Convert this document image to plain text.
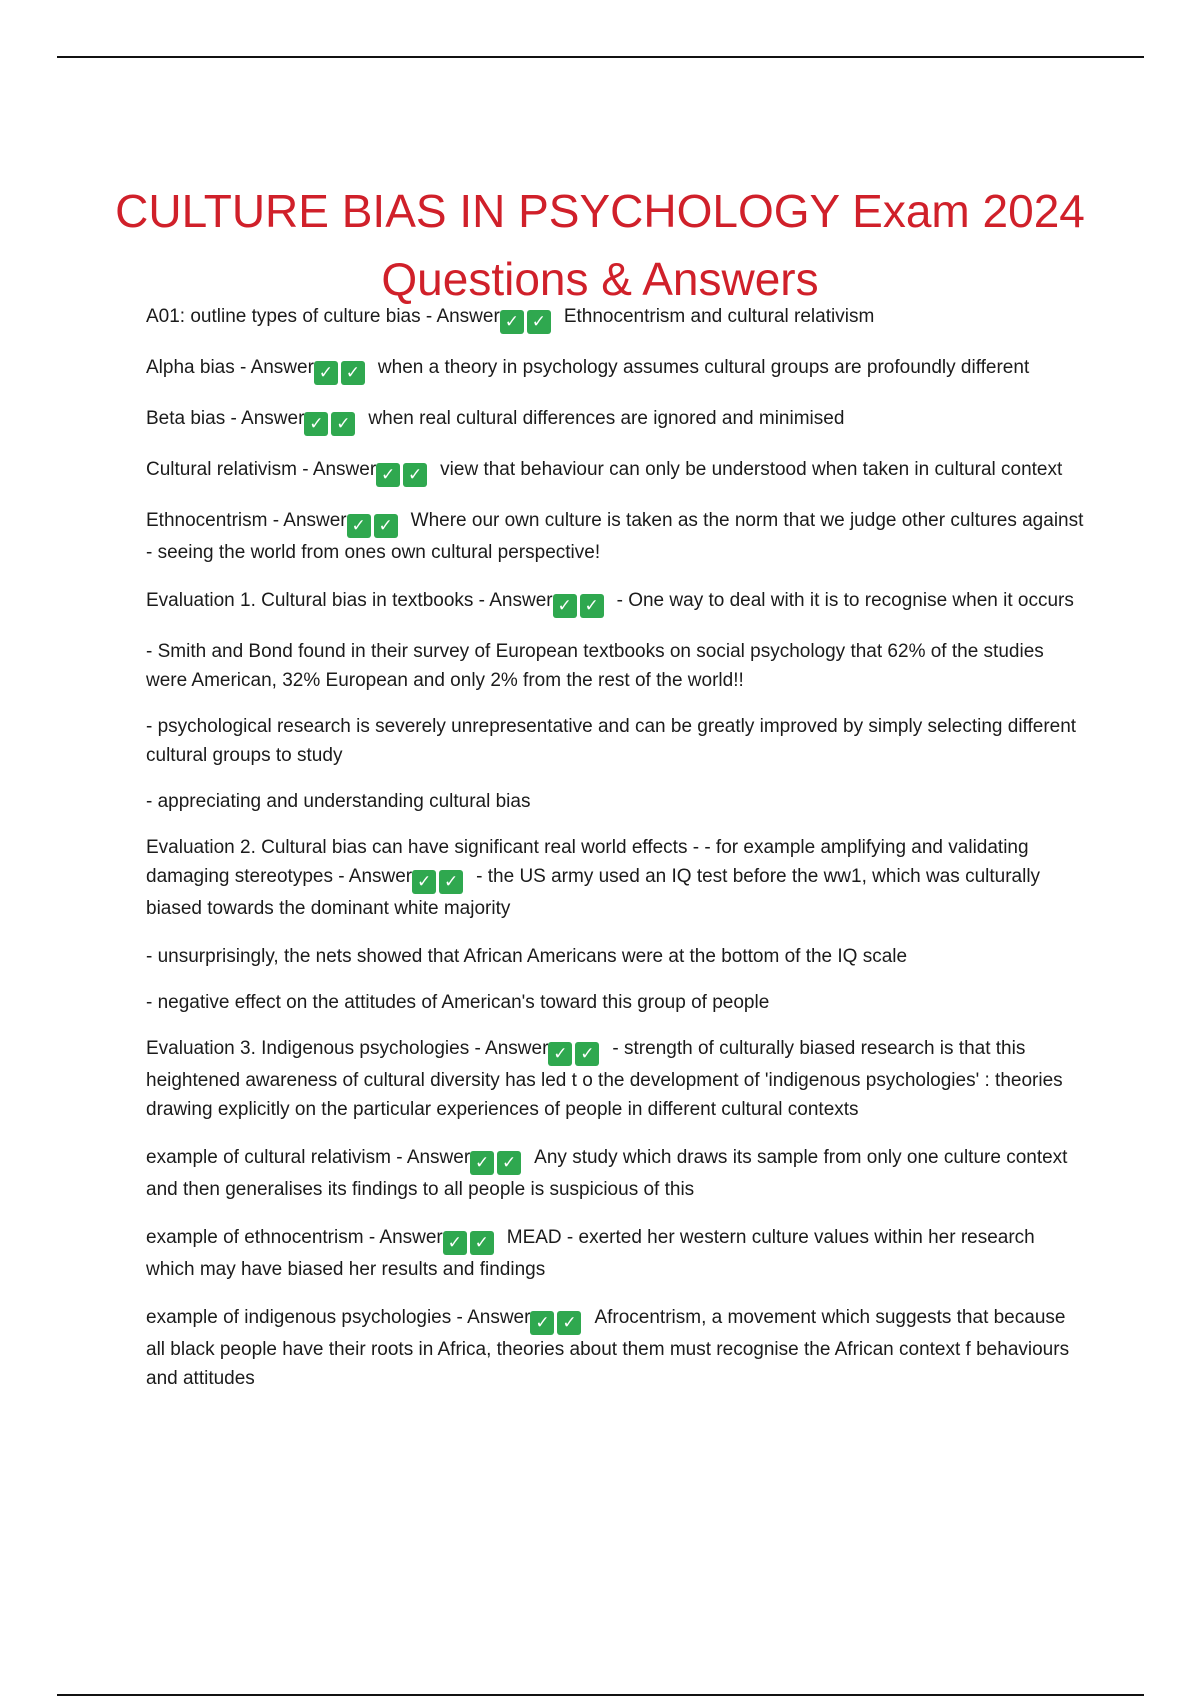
CULTURE BIAS IN PSYCHOLOGY Exam 2024
Questions & Answers

A01: outline types of culture bias - Answer ✓ ✓ Ethnocentrism and cultural relativism

Alpha bias - Answer ✓ ✓ when a theory in psychology assumes cultural groups are profoundly different

Beta bias - Answer ✓ ✓ when real cultural differences are ignored and minimised

Cultural relativism - Answer ✓ ✓ view that behaviour can only be understood when taken in cultural context

Ethnocentrism - Answer ✓ ✓ Where our own culture is taken as the norm that we judge other cultures against - seeing the world from ones own cultural perspective!

Evaluation 1. Cultural bias in textbooks - Answer ✓ ✓ - One way to deal with it is to recognise when it occurs

- Smith and Bond found in their survey of European textbooks on social psychology that 62% of the studies were American, 32% European and only 2% from the rest of the world!!

- psychological research is severely unrepresentative and can be greatly improved by simply selecting different cultural groups to study

- appreciating and understanding cultural bias

Evaluation 2. Cultural bias can have significant real world effects - - for example amplifying and validating damaging stereotypes - Answer ✓ ✓ - the US army used an IQ test before the ww1, which was culturally biased towards the dominant white majority

- unsurprisingly, the nets showed that African Americans were at the bottom of the IQ scale

- negative effect on the attitudes of American's toward this group of people

Evaluation 3. Indigenous psychologies - Answer ✓ ✓ - strength of culturally biased research is that this heightened awareness of cultural diversity has led t o the development of 'indigenous psychologies' : theories drawing explicitly on the particular experiences of people in different cultural contexts

example of cultural relativism - Answer ✓ ✓ Any study which draws its sample from only one culture context and then generalises its findings to all people is suspicious of this

example of ethnocentrism - Answer ✓ ✓ MEAD - exerted her western culture values within her research which may have biased her results and findings

example of indigenous psychologies - Answer ✓ ✓ Afrocentrism, a movement which suggests that because all black people have their roots in Africa, theories about them must recognise the African context f behaviours and attitudes
